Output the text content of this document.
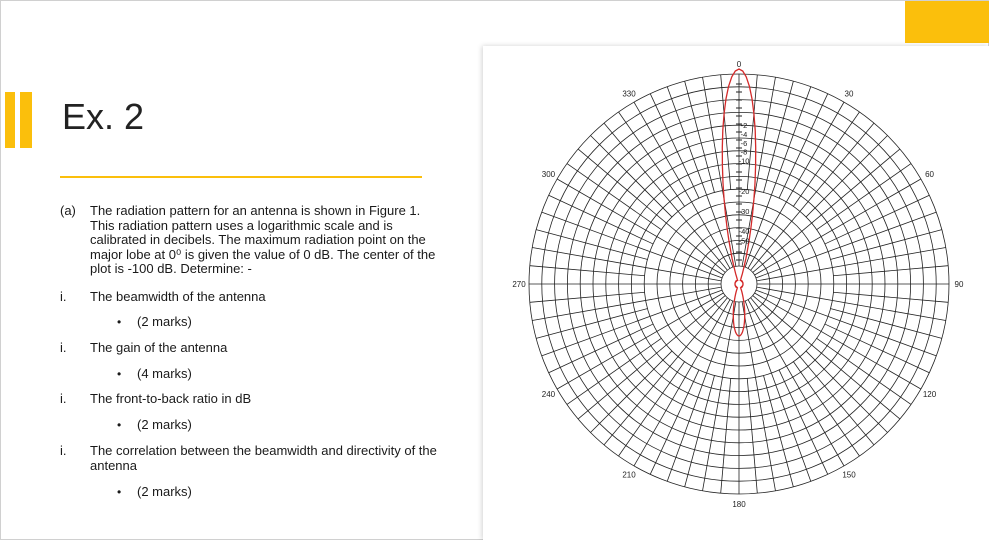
Ex. 2
(a)	The radiation pattern for an antenna is shown in Figure 1. This radiation pattern uses a logarithmic scale and is calibrated in decibels. The maximum radiation point on the major lobe at 0⁰ is given the value of 0 dB. The center of the plot is -100 dB. Determine: -
i.	The beamwidth of the antenna
•	(2 marks)
i.	The gain of the antenna
•	(4 marks)
i.	The front-to-back ratio in dB
•	(2 marks)
i.	The correlation between the beamwidth and directivity of the antenna
•	(2 marks)
0
30
60
90
120
150
180
210
240
270
300
330
-2
-4
-6
-8
-10
-20
-30
-40
-50
